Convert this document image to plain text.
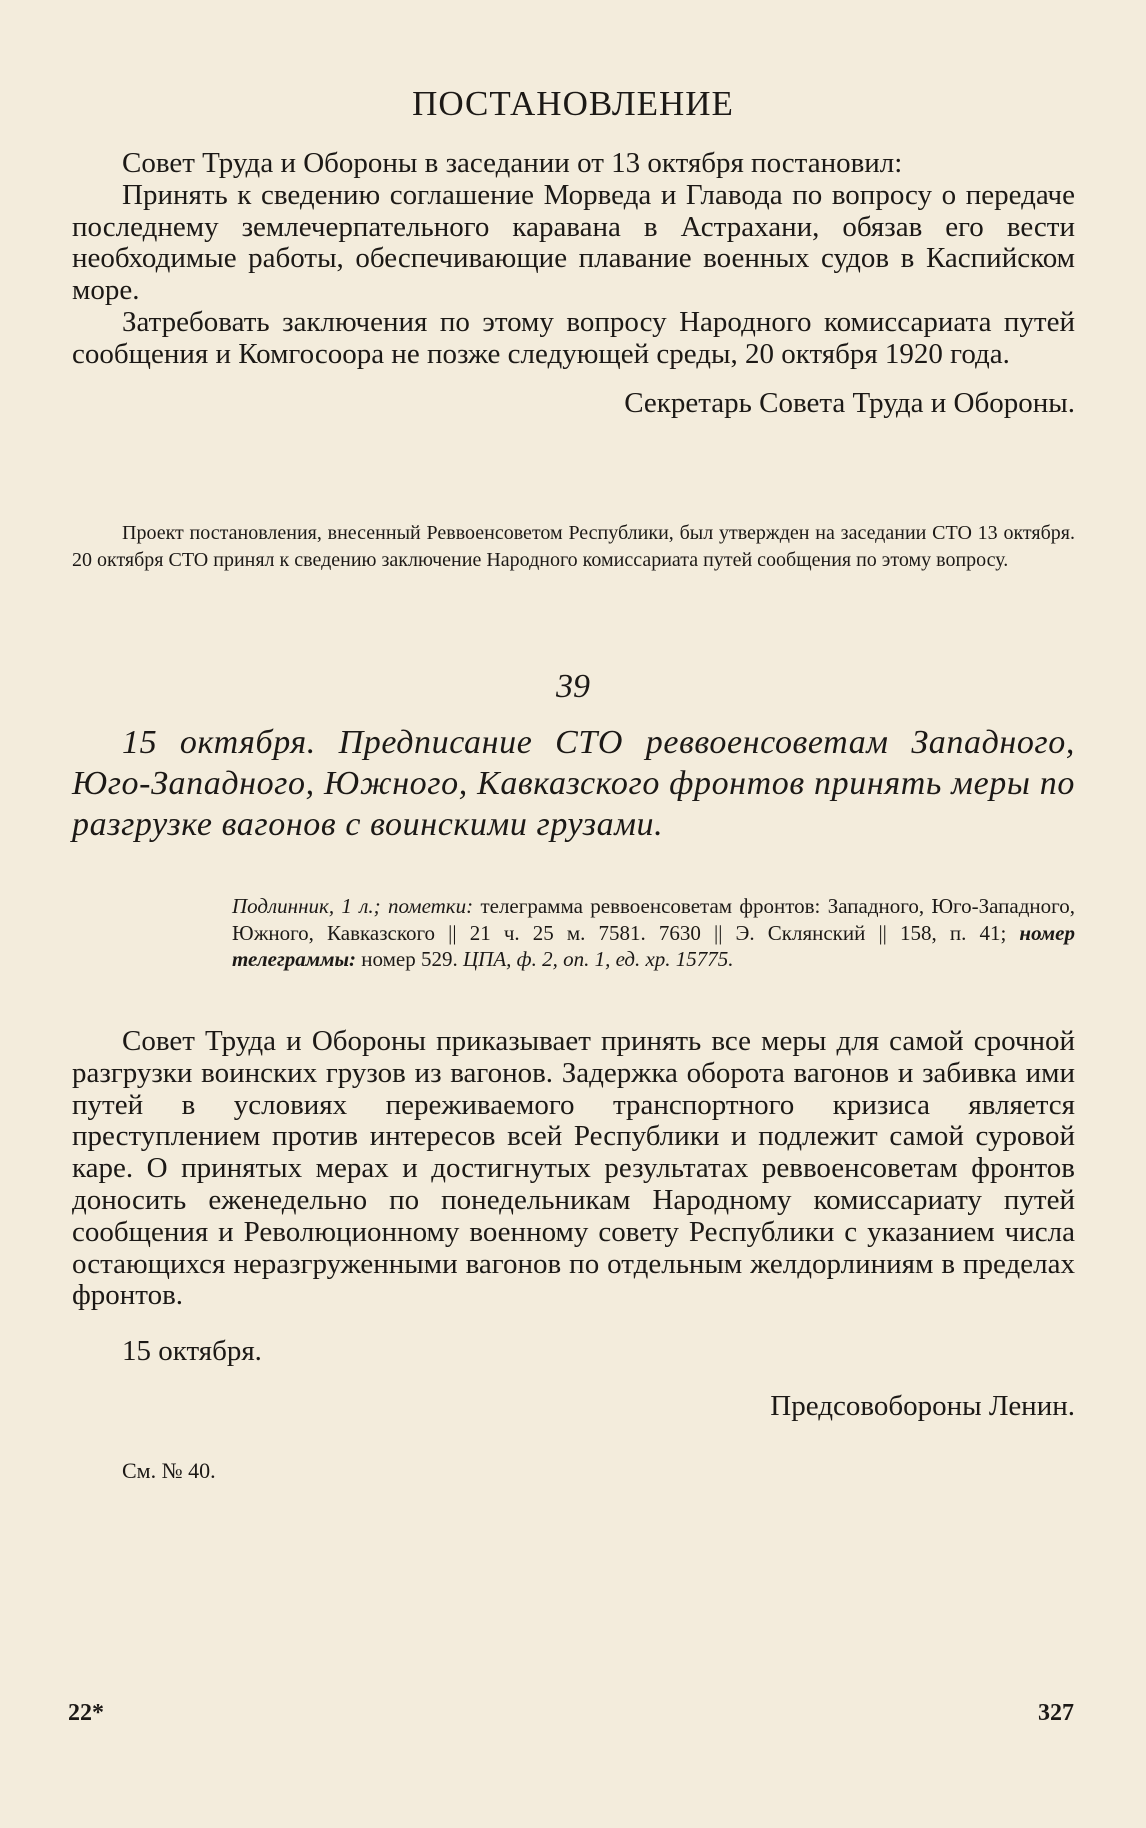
ПОСТАНОВЛЕНИЕ

Совет Труда и Обороны в заседании от 13 октября постановил:

Принять к сведению соглашение Морведа и Главода по вопросу о передаче последнему землечерпательного каравана в Астрахани, обязав его вести необходимые работы, обеспечивающие плавание военных судов в Каспийском море.

Затребовать заключения по этому вопросу Народного комиссариата путей сообщения и Комгосоора не позже следующей среды, 20 октября 1920 года.

Секретарь Совета Труда и Обороны.

Проект постановления, внесенный Реввоенсоветом Республики, был утвержден на заседании СТО 13 октября. 20 октября СТО принял к сведению заключение Народного комиссариата путей сообщения по этому вопросу.

39

15 октября. Предписание СТО реввоенсоветам Западного, Юго-Западного, Южного, Кавказского фронтов принять меры по разгрузке вагонов с воинскими грузами.

Подлинник, 1 л.; пометки: телеграмма реввоенсоветам фронтов: Западного, Юго-Западного, Южного, Кавказского || 21 ч. 25 м. 7581. 7630 || Э. Склянский || 158, п. 41; номер телеграммы: номер 529. ЦПА, ф. 2, оп. 1, ед. хр. 15775.

Совет Труда и Обороны приказывает принять все меры для самой срочной разгрузки воинских грузов из вагонов. Задержка оборота вагонов и забивка ими путей в условиях переживаемого транспортного кризиса является преступлением против интересов всей Республики и подлежит самой суровой каре. О принятых мерах и достигнутых результатах реввоенсоветам фронтов доносить еженедельно по понедельникам Народному комиссариату путей сообщения и Революционному военному совету Республики с указанием числа остающихся неразгруженными вагонов по отдельным желдорлиниям в пределах фронтов.

15 октября.

Предсовобороны Ленин.

См. № 40.

22*	327
